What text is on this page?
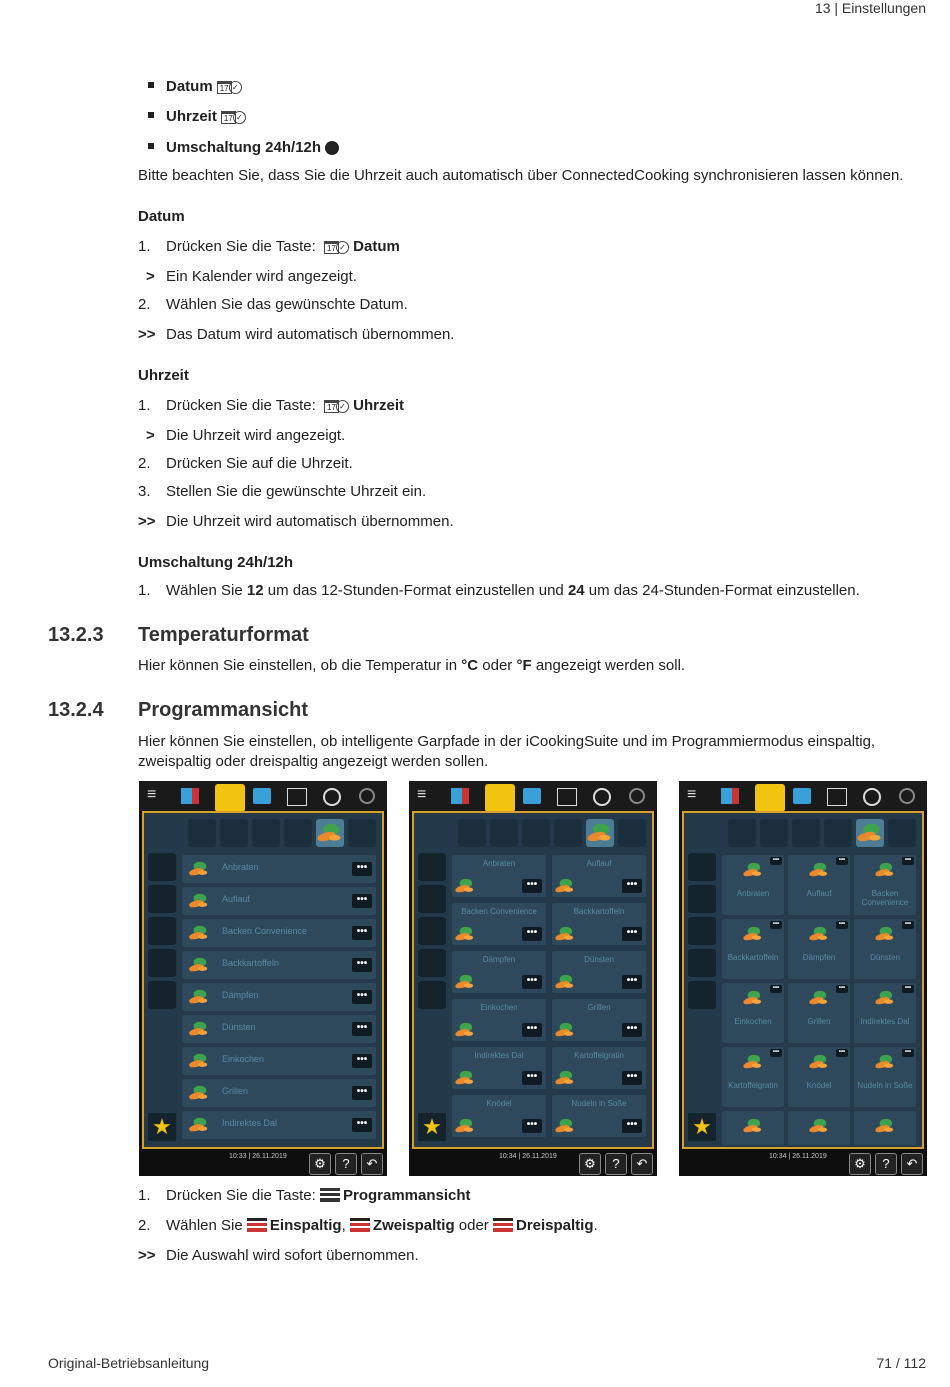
13 | Einstellungen
Datum 17 ✓
Uhrzeit 17 ✓
Umschaltung 24h/12h
Bitte beachten Sie, dass Sie die Uhrzeit auch automatisch über ConnectedCooking synchronisieren lassen können.
Datum
1.	Drücken Sie die Taste: 17 ✓ Datum
> Ein Kalender wird angezeigt.
2.	Wählen Sie das gewünschte Datum.
>> Das Datum wird automatisch übernommen.
Uhrzeit
1.	Drücken Sie die Taste: 17 ✓ Uhrzeit
> Die Uhrzeit wird angezeigt.
2.	Drücken Sie auf die Uhrzeit.
3.	Stellen Sie die gewünschte Uhrzeit ein.
>> Die Uhrzeit wird automatisch übernommen.
Umschaltung 24h/12h
1.	Wählen Sie 12 um das 12-Stunden-Format einzustellen und 24 um das 24-Stunden-Format einzustellen.
13.2.3 Temperaturformat
Hier können Sie einstellen, ob die Temperatur in °C oder °F angezeigt werden soll.
13.2.4 Programmansicht
Hier können Sie einstellen, ob intelligente Garpfade in der iCookingSuite und im Programmiermodus einspaltig,
zweispaltig oder dreispaltig angezeigt werden sollen.
≡
★
Anbraten	•••
Auflauf	•••
Backen Convenience	•••
Backkartoffeln	•••
Dämpfen	•••
Dünsten	•••
Einkochen	•••
Grillen	•••
Indirektes Dal	•••
10:33 | 26.11.2019	⚙	?	↶
≡
★
Anbraten
•••
Auflauf
•••
Backen Convenience
•••
Backkartoffeln
•••
Dämpfen
•••
Dünsten
•••
Einkochen
•••
Grillen
•••
Indirektes Dal
•••
Kartoffelgratin
•••
Knödel
•••
Nudeln in Soße
•••
10:34 | 26.11.2019	⚙	?	↶
≡
★
•••
Anbraten
•••
Auflauf
•••
Backen Convenience
•••
Backkartoffeln
•••
Dämpfen
•••
Dünsten
•••
Einkochen
•••
Grillen
•••
Indirektes Dal
•••
Kartoffelgratin
•••
Knödel
•••
Nudeln in Soße
10:34 | 26.11.2019	⚙	?	↶
1.	Drücken Sie die Taste: Programmansicht
2.	Wählen Sie Einspaltig, Zweispaltig oder Dreispaltig.
>> Die Auswahl wird sofort übernommen.
Original-Betriebsanleitung	71 / 112
